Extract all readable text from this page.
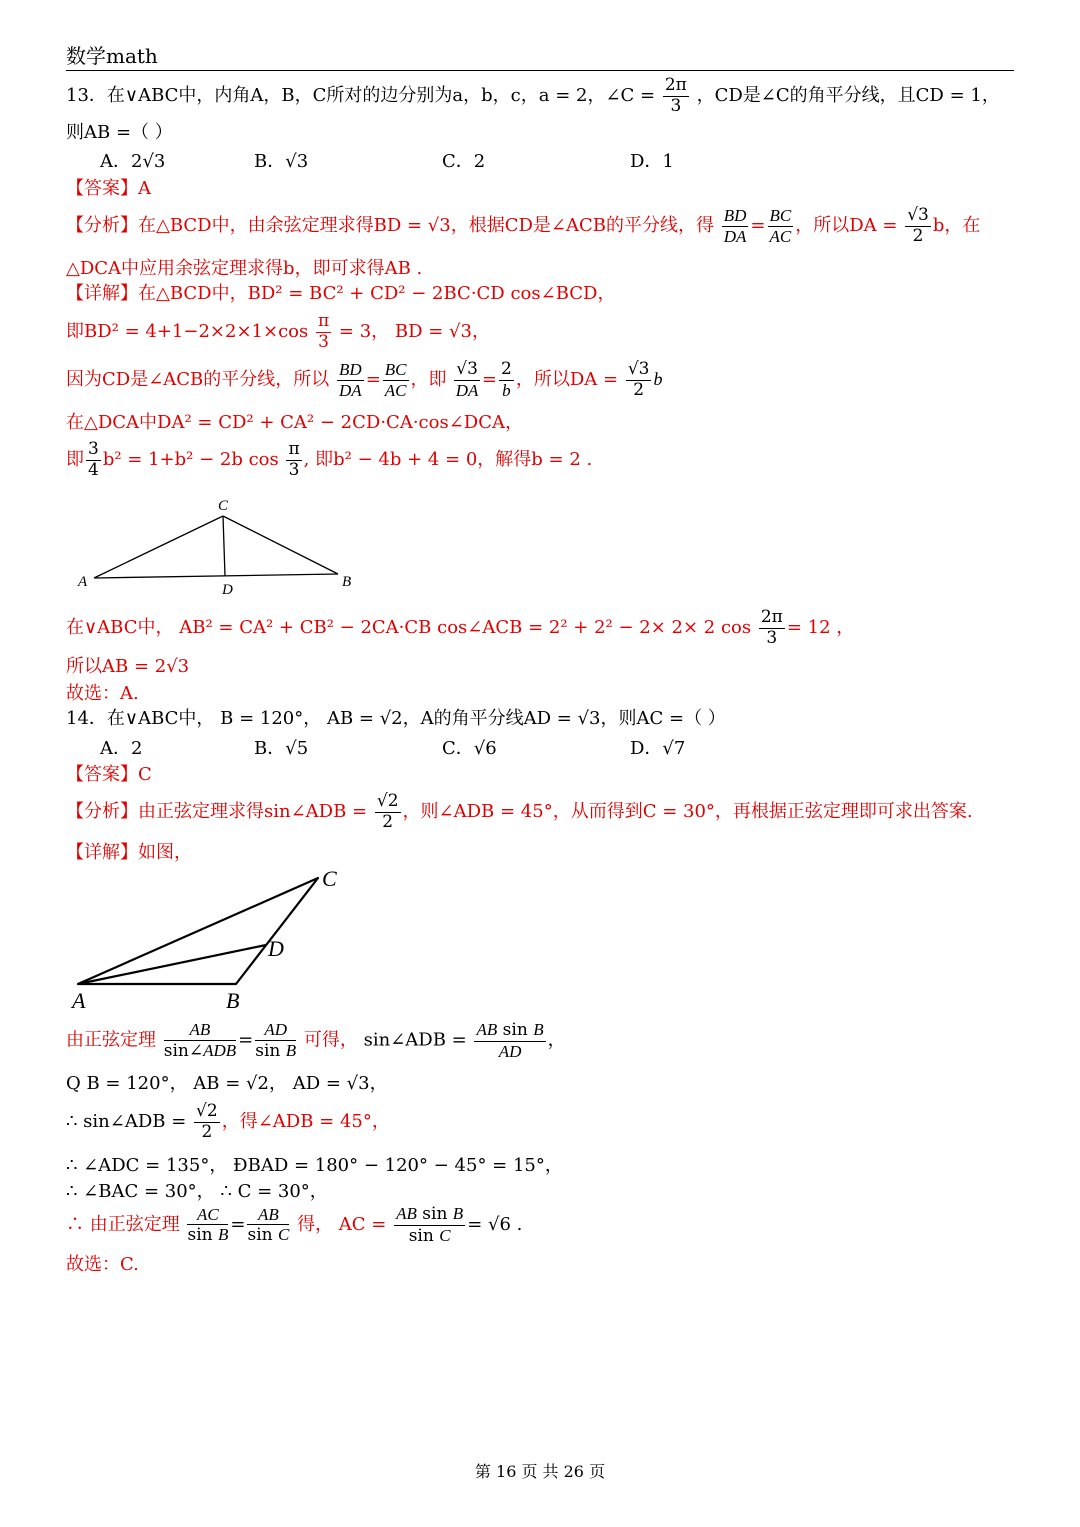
数学math
13．在∨ABC中，内角A，B，C所对的边分别为a，b，c，a = 2，∠C = $\frac{2\pi}{3}$ ，CD是∠C的角平分线，且CD = 1，
则AB =（ ）
A．2√3	B．√3	C．2	D．1
【答案】A
【分析】在△BCD中，由余弦定理求得BD = √3，根据CD是∠ACB的平分线，得 $\frac{BD}{DA} = \frac{BC}{AC}$ ，所以DA = $\frac{√3}{2}$ b，在
△DCA中应用余弦定理求得b，即可求得AB .
【详解】在△BCD中，BD² = BC² + CD² − 2BC·CD cos∠BCD，
即$BD^2 = 4+1-2\times 2\times 1\times\cos \frac{\pi}{3} = 3$， BD = √3，
因为CD是∠ACB的平分线，所以 $\frac{BD}{DA} = \frac{BC}{AC}$ ，即 $\frac{√3}{DA} = \frac{2}{b}$ ，所以DA = $\frac{√3}{2}$ b
在△DCA中DA² = CD² + CA² − 2CD·CA·cos∠DCA，
即 $\frac{3}{4} b^2 = 1+b^2 - 2b$ $\cos \frac{\pi}{3}$ , 即b² − 4b + 4 = 0，解得b = 2 .
C
A	D	B
在∨ABC中， AB² = CA² + CB² − 2CA·CB cos∠ACB = 2² + 2² − 2× 2× 2 $\cos \frac{2\pi}{3} = 12$ ，
所以AB = 2√3
故选：A.
14．在∨ABC中， B = 120°， AB = √2，A的角平分线AD = √3，则AC =（ ）
A．2	B．√5	C．√6	D．√7
【答案】C
【分析】由正弦定理求得sin∠ADB = $\frac{√2}{2}$ ，则∠ADB = 45°，从而得到C = 30°，再根据正弦定理即可求出答案.
【详解】如图，
C
D
A	B
由正弦定理 $\frac{AB}{\text{sin∠ADB}} = \frac{AD}{\text{sin B}}$ 可得， sin∠ADB = $\frac{\text{AB sin B}}{AD}$ ，
Q B = 120°， AB = √2， AD = √3，
∴ sin∠ADB = $\frac{√2}{2}$ ，得∠ADB = 45°，
∴ ∠ADC = 135°， ÐBAD = 180° − 120° − 45° = 15°，
∴ ∠BAC = 30°， ∴ C = 30°，
∴ 由正弦定理 $\frac{AC}{\text{sin B}} = \frac{AB}{\text{sin C}}$ 得， AC = $\frac{\text{AB sin B}}{\text{sin C}} = √6$ .
故选：C.
第 16 页 共 26 页
